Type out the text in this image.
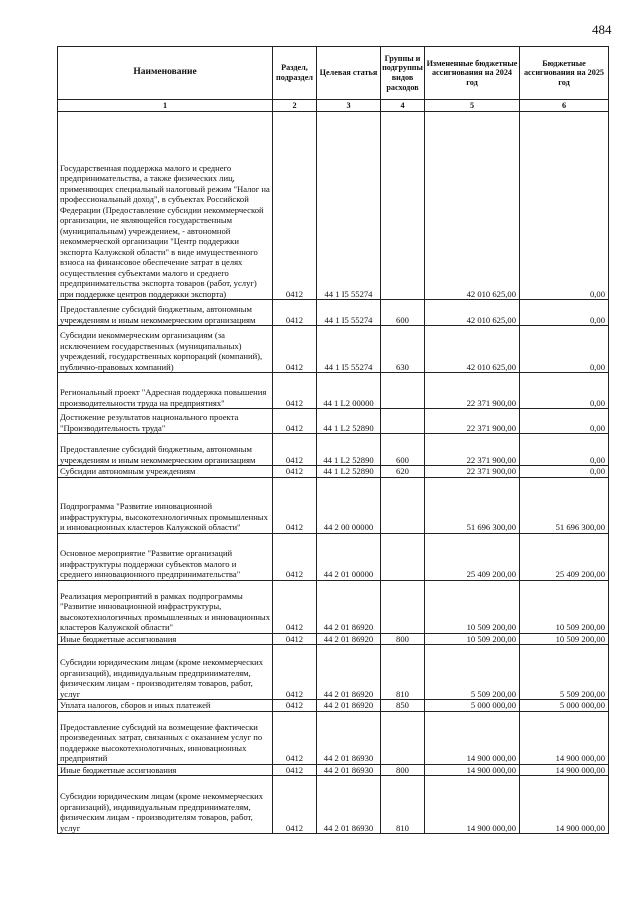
484
Наименование	Раздел, подраздел	Целевая статья	Группы и подгруппы видов расходов	Измененные бюджетные ассигнования на 2024 год	Бюджетные ассигнования на 2025 год
1	2	3	4	5	6
Государственная поддержка малого и среднего предпринимательства, а также физических лиц, применяющих специальный налоговый режим "Налог на профессиональный доход", в субъектах Российской Федерации (Предоставление субсидии некоммерческой организации, не являющейся государственным (муниципальным) учреждением, - автономной некоммерческой организации "Центр поддержки экспорта Калужской области" в виде имущественного взноса на финансовое обеспечение затрат в целях осуществления субъектами малого и среднего предпринимательства экспорта товаров (работ, услуг) при поддержке центров поддержки экспорта)	0412	44 1 I5 55274		42 010 625,00	0,00
Предоставление субсидий бюджетным, автономным учреждениям и иным некоммерческим организациям	0412	44 1 I5 55274	600	42 010 625,00	0,00
Субсидии некоммерческим организациям (за исключением государственных (муниципальных) учреждений, государственных корпораций (компаний), публично-правовых компаний)	0412	44 1 I5 55274	630	42 010 625,00	0,00
Региональный проект "Адресная поддержка повышения производительности труда на предприятиях"	0412	44 1 L2 00000		22 371 900,00	0,00
Достижение результатов национального проекта "Производительность труда"	0412	44 1 L2 52890		22 371 900,00	0,00
Предоставление субсидий бюджетным, автономным учреждениям и иным некоммерческим организациям	0412	44 1 L2 52890	600	22 371 900,00	0,00
Субсидии автономным учреждениям	0412	44 1 L2 52890	620	22 371 900,00	0,00
Подпрограмма "Развитие инновационной инфраструктуры, высокотехнологичных промышленных и инновационных кластеров Калужской области"	0412	44 2 00 00000		51 696 300,00	51 696 300,00
Основное мероприятие "Развитие организаций инфраструктуры поддержки субъектов малого и среднего инновационного предпринимательства"	0412	44 2 01 00000		25 409 200,00	25 409 200,00
Реализация мероприятий в рамках подпрограммы "Развитие инновационной инфраструктуры, высокотехнологичных промышленных и инновационных кластеров Калужской области"	0412	44 2 01 86920		10 509 200,00	10 509 200,00
Иные бюджетные ассигнования	0412	44 2 01 86920	800	10 509 200,00	10 509 200,00
Субсидии юридическим лицам (кроме некоммерческих организаций), индивидуальным предпринимателям, физическим лицам - производителям товаров, работ, услуг	0412	44 2 01 86920	810	5 509 200,00	5 509 200,00
Уплата налогов, сборов и иных платежей	0412	44 2 01 86920	850	5 000 000,00	5 000 000,00
Предоставление субсидий на возмещение фактически произведенных затрат, связанных с оказанием услуг по поддержке высокотехнологичных, инновационных предприятий	0412	44 2 01 86930		14 900 000,00	14 900 000,00
Иные бюджетные ассигнования	0412	44 2 01 86930	800	14 900 000,00	14 900 000,00
Субсидии юридическим лицам (кроме некоммерческих организаций), индивидуальным предпринимателям, физическим лицам - производителям товаров, работ, услуг	0412	44 2 01 86930	810	14 900 000,00	14 900 000,00
